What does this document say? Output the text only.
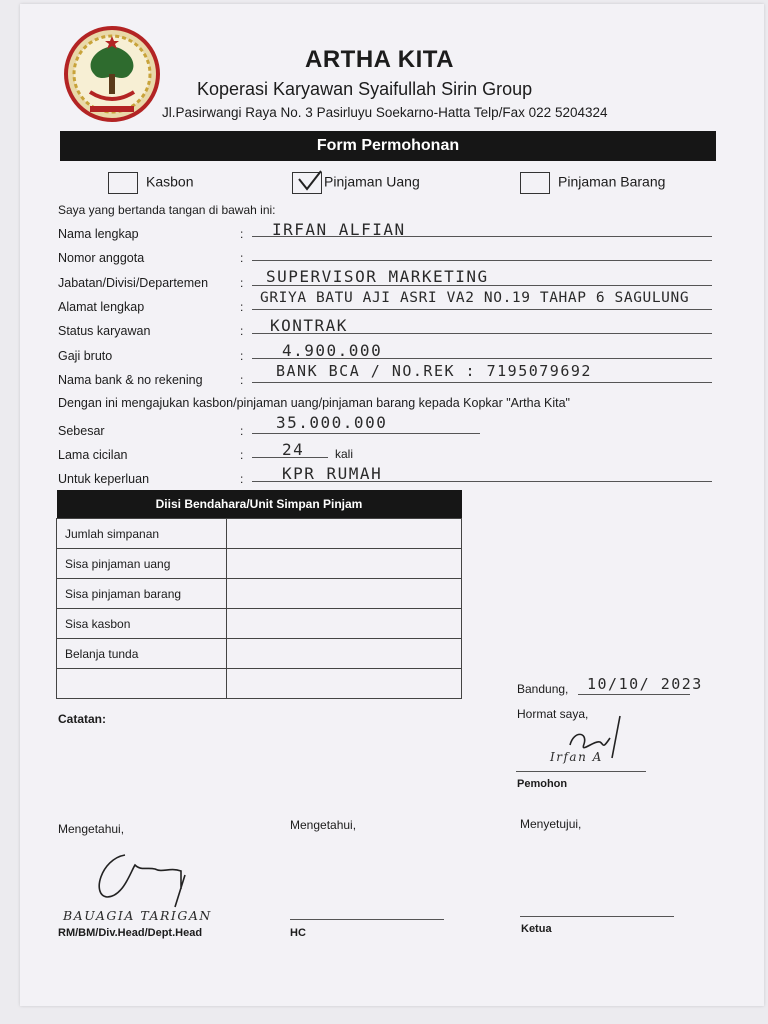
ARTHA KITA
Koperasi Karyawan Syaifullah Sirin Group
Jl.Pasirwangi Raya No. 3 Pasirluyu Soekarno-Hatta Telp/Fax 022 5204324
Form Permohonan
Kasbon	Pinjaman Uang	Pinjaman Barang
Saya yang bertanda tangan di bawah ini:
Nama lengkap	: IRFAN ALFIAN
Nomor anggota	:
Jabatan/Divisi/Departemen	: SUPERVISOR MARKETING
Alamat lengkap	:
GRIYA BATU AJI ASRI VA2 NO.19 TAHAP 6 SAGULUNG
Status karyawan	: KONTRAK
Gaji bruto	: 4.900.000
Nama bank & no rekening	: BANK BCA / NO.REK : 7195079692
Dengan ini mengajukan kasbon/pinjaman uang/pinjaman barang kepada Kopkar "Artha Kita"
Sebesar	: 35.000.000
Lama cicilan	: 24	kali
Untuk keperluan	: KPR RUMAH
Diisi Bendahara/Unit Simpan Pinjam	
Jumlah simpanan	
Sisa pinjaman uang	
Sisa pinjaman barang	
Sisa kasbon	
Belanja tunda	

Bandung, 10/10/ 2023
Hormat saya,
Irfan A
Pemohon
Catatan:
Mengetahui,	Mengetahui,	Menyetujui,
BAUAGIA TARIGAN
RM/BM/Div.Head/Dept.Head	HC	Ketua
